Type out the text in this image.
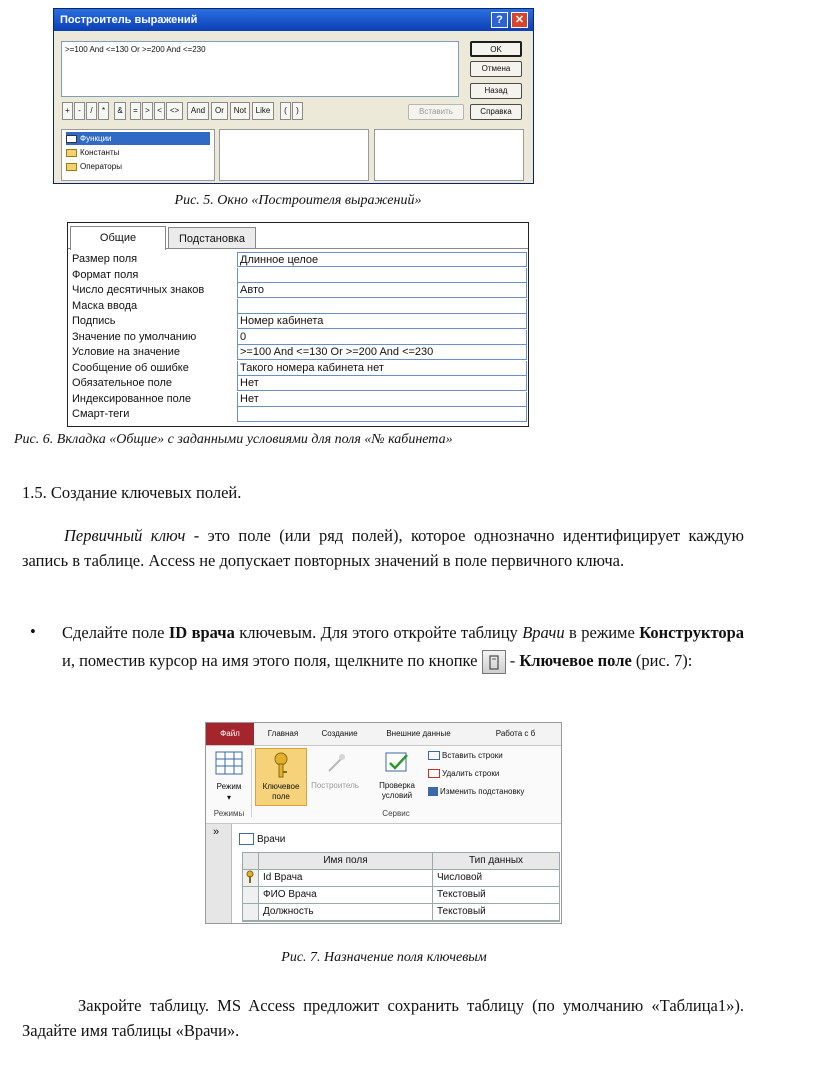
Построитель выражений	?	✕
>=100 And <=130 Or >=200 And <=230	OK
Отмена
Назад
Справка
Вставить
+	-	/	*	&	= > <	<>	And	Or	Not	Like	(	)
Функции
Константы
Операторы
Рис. 5. Окно «Построителя выражений»
Общие	Подстановка
Размер поля	Длинное целое
Формат поля
Число десятичных знаков	Авто
Маска ввода
Подпись	Номер кабинета
Значение по умолчанию	0
Условие на значение	>=100 And <=130 Or >=200 And <=230
Сообщение об ошибке	Такого номера кабинета нет
Обязательное поле	Нет
Индексированное поле	Нет
Смарт-теги
Рис. 6. Вкладка «Общие» с заданными условиями для поля «№ кабинета»
1.5. Создание ключевых полей.
Первичный ключ - это поле (или ряд полей), которое однозначно идентифицирует каждую запись в таблице. Access не допускает повторных значений в поле первичного ключа.
• Сделайте поле ID врача ключевым. Для этого откройте таблицу Врачи в режиме Конструктора и, поместив курсор на имя этого поля, щелкните по кнопке  - Ключевое поле (рис. 7):
Файл	Главная	Создание	Внешние данные	Работа с б
Режим
▾
Ключевое
поле
Построитель	Проверка
условий
Вставить строки
Удалить строки
Изменить подстановку
Режимы	Сервис
»
Врачи
Имя поля	Тип данных
Id Врача	Числовой
ФИО Врача	Текстовый
Должность	Текстовый
Рис. 7. Назначение поля ключевым
Закройте таблицу. MS Access предложит сохранить таблицу (по умолчанию «Таблица1»). Задайте имя таблицы «Врачи».
